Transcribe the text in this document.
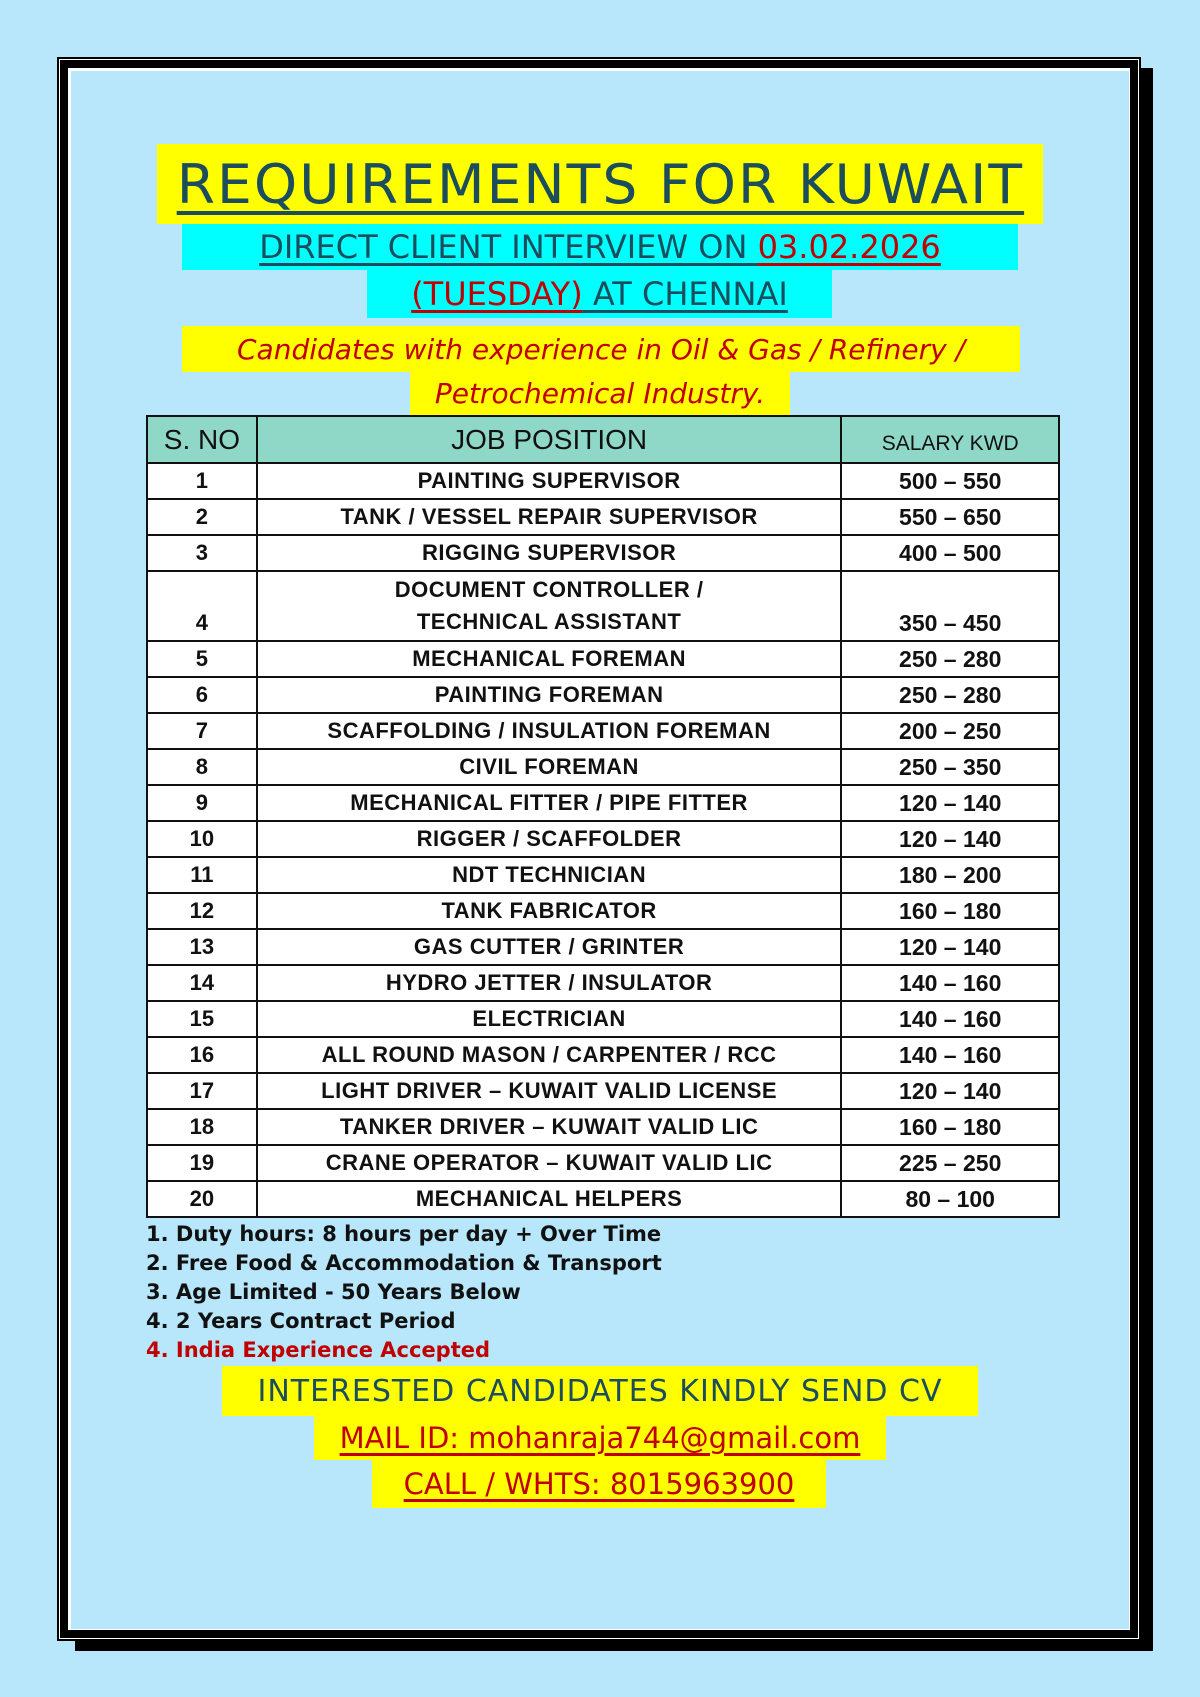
REQUIREMENTS FOR KUWAIT
DIRECT CLIENT INTERVIEW ON 03.02.2026
(TUESDAY) AT CHENNAI
Candidates with experience in Oil & Gas / Refinery /
Petrochemical Industry.
S. NO	JOB POSITION	SALARY KWD
1	PAINTING SUPERVISOR	500 – 550
2	TANK / VESSEL REPAIR SUPERVISOR	550 – 650
3	RIGGING SUPERVISOR	400 – 500
4	DOCUMENT CONTROLLER /
TECHNICAL ASSISTANT	350 – 450
5	MECHANICAL FOREMAN	250 – 280
6	PAINTING FOREMAN	250 – 280
7	SCAFFOLDING / INSULATION FOREMAN	200 – 250
8	CIVIL FOREMAN	250 – 350
9	MECHANICAL FITTER / PIPE FITTER	120 – 140
10	RIGGER / SCAFFOLDER	120 – 140
11	NDT TECHNICIAN	180 – 200
12	TANK FABRICATOR	160 – 180
13	GAS CUTTER / GRINTER	120 – 140
14	HYDRO JETTER / INSULATOR	140 – 160
15	ELECTRICIAN	140 – 160
16	ALL ROUND MASON / CARPENTER / RCC	140 – 160
17	LIGHT DRIVER – KUWAIT VALID LICENSE	120 – 140
18	TANKER DRIVER – KUWAIT VALID LIC	160 – 180
19	CRANE OPERATOR – KUWAIT VALID LIC	225 – 250
20	MECHANICAL HELPERS	80 – 100
1. Duty hours: 8 hours per day + Over Time
2. Free Food & Accommodation & Transport
3. Age Limited - 50 Years Below
4. 2 Years Contract Period
4. India Experience Accepted
INTERESTED CANDIDATES KINDLY SEND CV
MAIL ID: mohanraja744@gmail.com
CALL / WHTS: 8015963900
